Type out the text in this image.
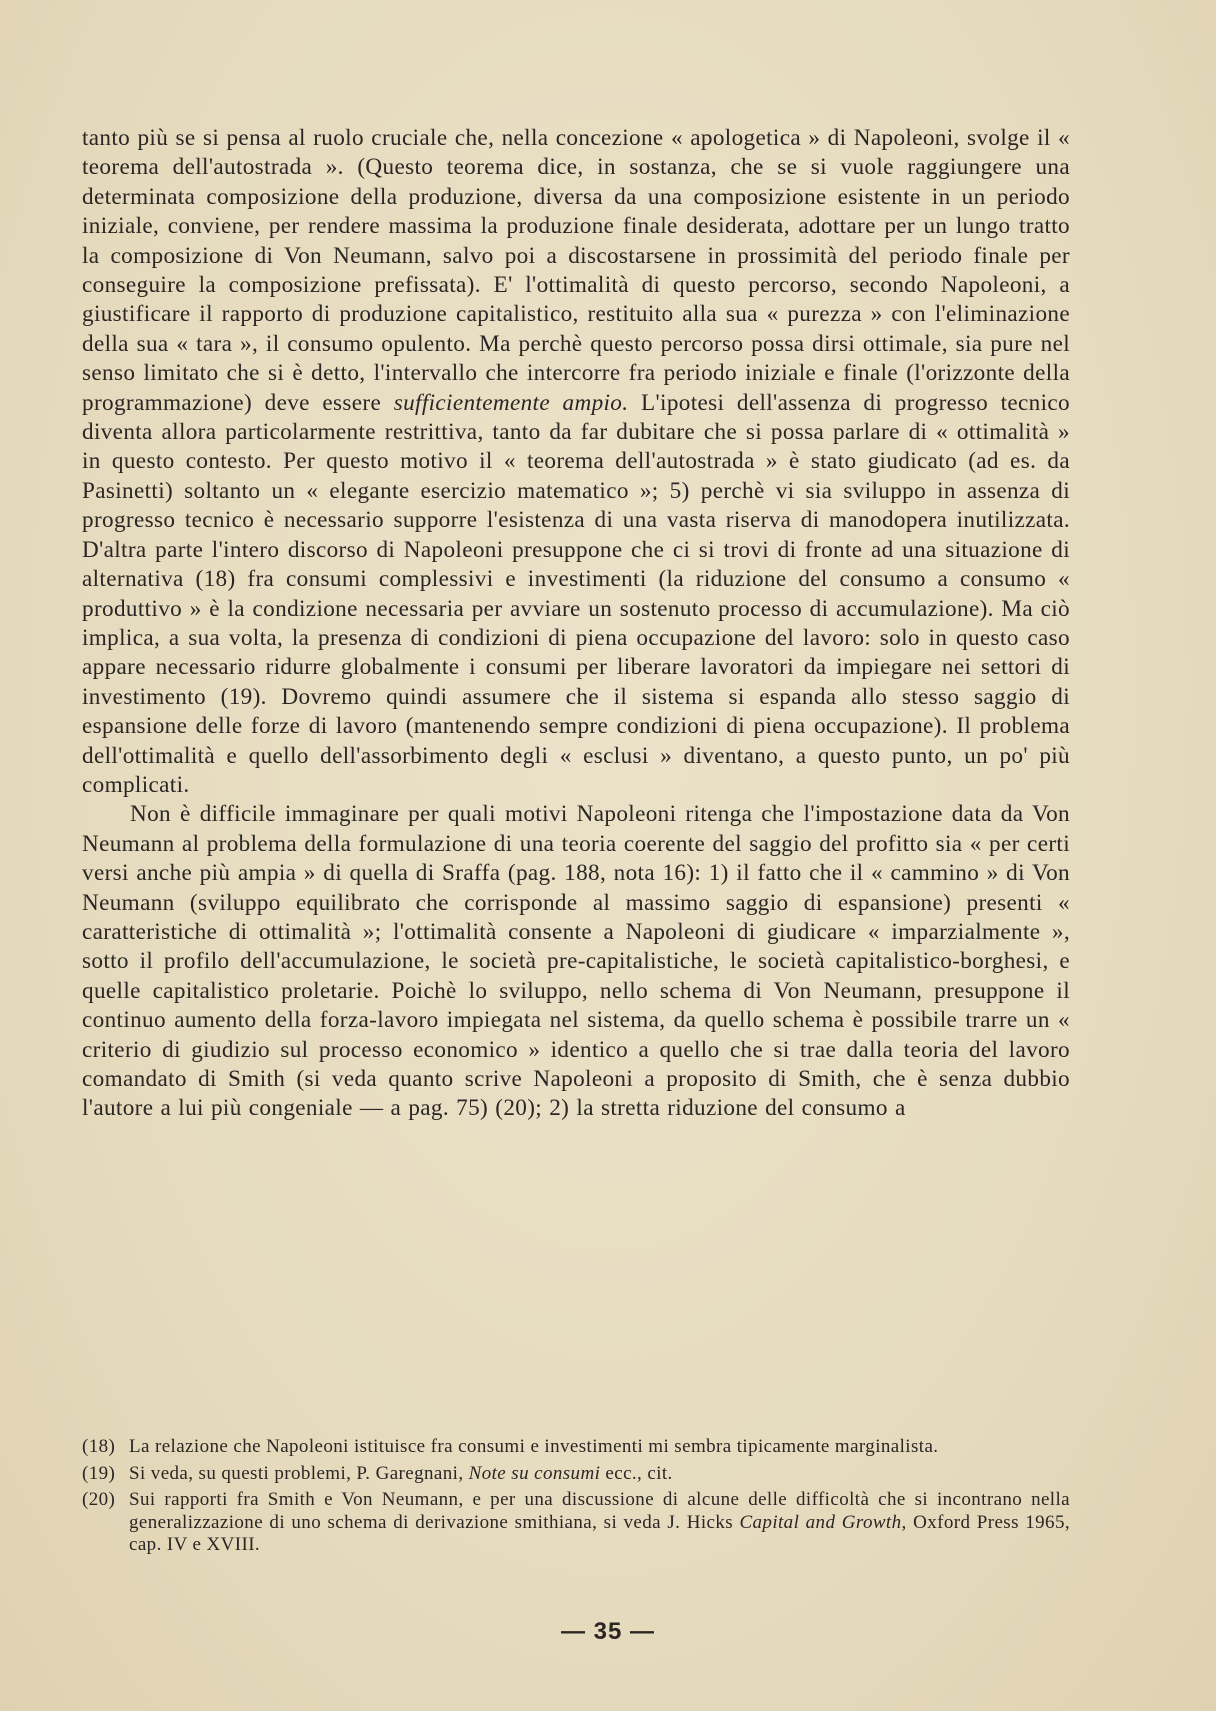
tanto più se si pensa al ruolo cruciale che, nella concezione « apologetica » di Napoleoni, svolge il « teorema dell'autostrada ». (Questo teorema dice, in sostanza, che se si vuole raggiungere una determinata composizione della produzione, diversa da una composizione esistente in un periodo iniziale, conviene, per rendere massima la produzione finale desiderata, adottare per un lungo tratto la composizione di Von Neumann, salvo poi a discostarsene in prossimità del periodo finale per conseguire la composizione prefissata). E' l'ottimalità di questo percorso, secondo Napoleoni, a giustificare il rapporto di produzione capitalistico, restituito alla sua « purezza » con l'eliminazione della sua « tara », il consumo opulento. Ma perchè questo percorso possa dirsi ottimale, sia pure nel senso limitato che si è detto, l'intervallo che intercorre fra periodo iniziale e finale (l'orizzonte della programmazione) deve essere sufficientemente ampio. L'ipotesi dell'assenza di progresso tecnico diventa allora particolarmente restrittiva, tanto da far dubitare che si possa parlare di « ottimalità » in questo contesto. Per questo motivo il « teorema dell'autostrada » è stato giudicato (ad es. da Pasinetti) soltanto un « elegante esercizio matematico »; 5) perchè vi sia sviluppo in assenza di progresso tecnico è necessario supporre l'esistenza di una vasta riserva di manodopera inutilizzata. D'altra parte l'intero discorso di Napoleoni presuppone che ci si trovi di fronte ad una situazione di alternativa (18) fra consumi complessivi e investimenti (la riduzione del consumo a consumo « produttivo » è la condizione necessaria per avviare un sostenuto processo di accumulazione). Ma ciò implica, a sua volta, la presenza di condizioni di piena occupazione del lavoro: solo in questo caso appare necessario ridurre globalmente i consumi per liberare lavoratori da impiegare nei settori di investimento (19). Dovremo quindi assumere che il sistema si espanda allo stesso saggio di espansione delle forze di lavoro (mantenendo sempre condizioni di piena occupazione). Il problema dell'ottimalità e quello dell'assorbimento degli « esclusi » diventano, a questo punto, un po' più complicati.

Non è difficile immaginare per quali motivi Napoleoni ritenga che l'impostazione data da Von Neumann al problema della formulazione di una teoria coerente del saggio del profitto sia « per certi versi anche più ampia » di quella di Sraffa (pag. 188, nota 16): 1) il fatto che il « cammino » di Von Neumann (sviluppo equilibrato che corrisponde al massimo saggio di espansione) presenti « caratteristiche di ottimalità »; l'ottimalità consente a Napoleoni di giudicare « imparzialmente », sotto il profilo dell'accumulazione, le società pre-capitalistiche, le società capitalistico-borghesi, e quelle capitalistico proletarie. Poichè lo sviluppo, nello schema di Von Neumann, presuppone il continuo aumento della forza-lavoro impiegata nel sistema, da quello schema è possibile trarre un « criterio di giudizio sul processo economico » identico a quello che si trae dalla teoria del lavoro comandato di Smith (si veda quanto scrive Napoleoni a proposito di Smith, che è senza dubbio l'autore a lui più congeniale — a pag. 75) (20); 2) la stretta riduzione del consumo a

(18) La relazione che Napoleoni istituisce fra consumi e investimenti mi sembra tipicamente marginalista.
(19) Si veda, su questi problemi, P. Garegnani, Note su consumi ecc., cit.
(20) Sui rapporti fra Smith e Von Neumann, e per una discussione di alcune delle difficoltà che si incontrano nella generalizzazione di uno schema di derivazione smithiana, si veda J. Hicks Capital and Growth, Oxford Press 1965, cap. IV e XVIII.
— 35 —
